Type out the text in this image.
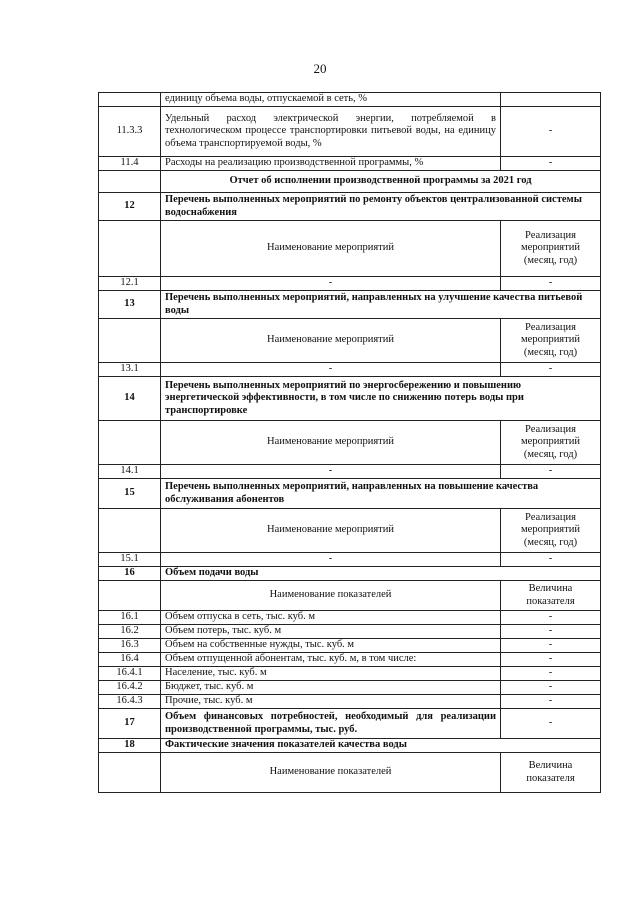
20
	единицу объема воды, отпускаемой в сеть, %	
11.3.3	Удельный расход электрической энергии, потребляемой в технологическом процессе транспортировки питьевой воды, на единицу объема транспортируемой воды, %	-
11.4	Расходы на реализацию производственной программы, %	-
	Отчет об исполнении производственной программы за 2021 год	
12	Перечень выполненных мероприятий по ремонту объектов централизованной системы водоснабжения	
	Наименование мероприятий	Реализация мероприятий (месяц, год)
12.1	-	-
13	Перечень выполненных мероприятий, направленных на улучшение качества питьевой воды	
	Наименование мероприятий	Реализация мероприятий (месяц, год)
13.1	-	-
14	Перечень выполненных мероприятий по энергосбережению и повышению энергетической эффективности, в том числе по снижению потерь воды при транспортировке	
	Наименование мероприятий	Реализация мероприятий (месяц, год)
14.1	-	-
15	Перечень выполненных мероприятий, направленных на повышение качества обслуживания абонентов	
	Наименование мероприятий	Реализация мероприятий (месяц, год)
15.1	-	-
16	Объем подачи воды	
	Наименование показателей	Величина показателя
16.1	Объем отпуска в сеть, тыс. куб. м	-
16.2	Объем потерь, тыс. куб. м	-
16.3	Объем на собственные нужды, тыс. куб. м	-
16.4	Объем отпущенной абонентам, тыс. куб. м, в том числе:	-
16.4.1	Население, тыс. куб. м	-
16.4.2	Бюджет, тыс. куб. м	-
16.4.3	Прочие, тыс. куб. м	-
17	Объем финансовых потребностей, необходимый для реализации производственной программы, тыс. руб.	-
18	Фактические значения показателей качества воды	
	Наименование показателей	Величина показателя
